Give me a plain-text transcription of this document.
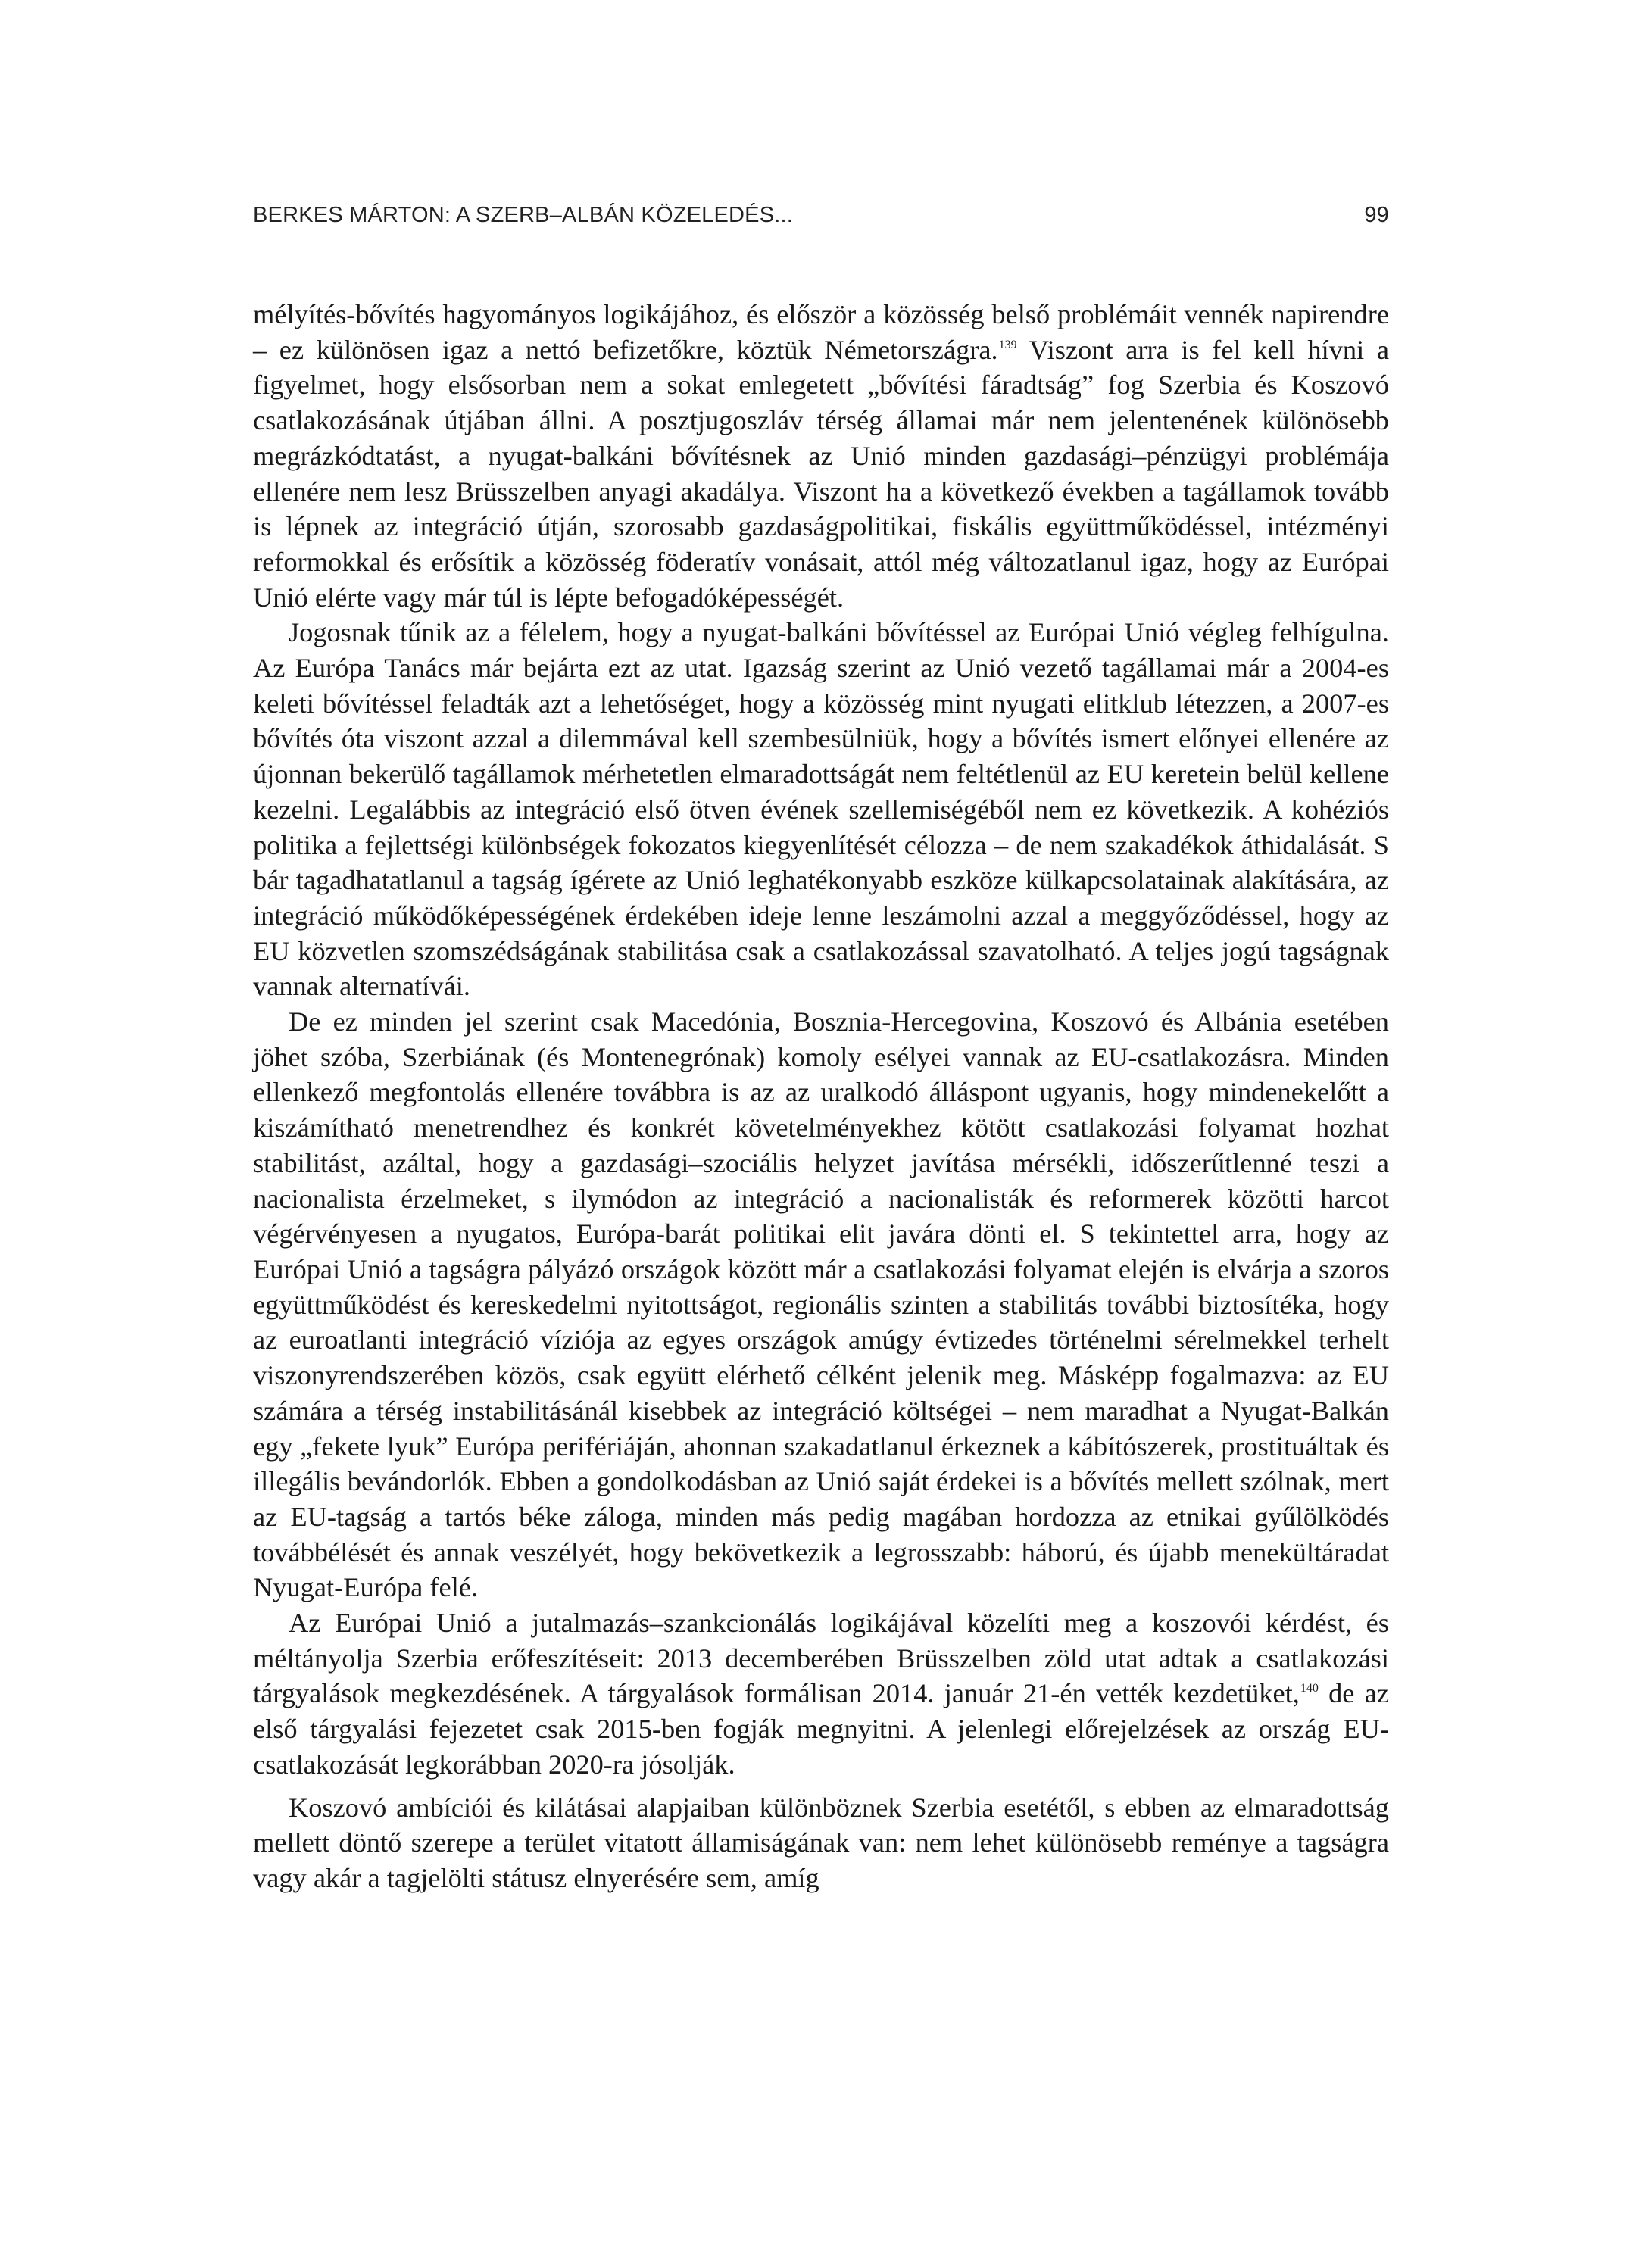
BERKES MÁRTON: A SZERB–ALBÁN KÖZELEDÉS...	99

mélyítés-bővítés hagyományos logikájához, és először a közösség belső problémáit vennék napirendre – ez különösen igaz a nettó befizetőkre, köztük Németországra.$^{139}$ Viszont arra is fel kell hívni a figyelmet, hogy elsősorban nem a sokat emlegetett „bővítési fáradtság” fog Szerbia és Koszovó csatlakozásának útjában állni. A posztjugoszláv térség államai már nem jelentenének különösebb megrázkódtatást, a nyugat-balkáni bővítésnek az Unió minden gazdasági–pénzügyi problémája ellenére nem lesz Brüsszelben anyagi akadálya. Viszont ha a következő években a tagállamok tovább is lépnek az integráció útján, szorosabb gazdaságpolitikai, fiskális együttműködéssel, intézményi reformokkal és erősítik a közösség föderatív vonásait, attól még változatlanul igaz, hogy az Európai Unió elérte vagy már túl is lépte befogadóképességét.

Jogosnak tűnik az a félelem, hogy a nyugat-balkáni bővítéssel az Európai Unió végleg felhígulna. Az Európa Tanács már bejárta ezt az utat. Igazság szerint az Unió vezető tagállamai már a 2004-es keleti bővítéssel feladták azt a lehetőséget, hogy a közösség mint nyugati elitklub létezzen, a 2007-es bővítés óta viszont azzal a dilemmával kell szembesülniük, hogy a bővítés ismert előnyei ellenére az újonnan bekerülő tagállamok mérhetetlen elmaradottságát nem feltétlenül az EU keretein belül kellene kezelni. Legalábbis az integráció első ötven évének szellemiségéből nem ez következik. A kohéziós politika a fejlettségi különbségek fokozatos kiegyenlítését célozza – de nem szakadékok áthidalását. S bár tagadhatatlanul a tagság ígérete az Unió leghatékonyabb eszköze külkapcsolatainak alakítására, az integráció működőképességének érdekében ideje lenne leszámolni azzal a meggyőződéssel, hogy az EU közvetlen szomszédságának stabilitása csak a csatlakozással szavatolható. A teljes jogú tagságnak vannak alternatívái.

De ez minden jel szerint csak Macedónia, Bosznia-Hercegovina, Koszovó és Albánia esetében jöhet szóba, Szerbiának (és Montenegrónak) komoly esélyei vannak az EU-csatlakozásra. Minden ellenkező megfontolás ellenére továbbra is az az uralkodó álláspont ugyanis, hogy mindenekelőtt a kiszámítható menetrendhez és konkrét követelményekhez kötött csatlakozási folyamat hozhat stabilitást, azáltal, hogy a gazdasági–szociális helyzet javítása mérsékli, időszerűtlenné teszi a nacionalista érzelmeket, s ilymódon az integráció a nacionalisták és reformerek közötti harcot végérvényesen a nyugatos, Európa-barát politikai elit javára dönti el. S tekintettel arra, hogy az Európai Unió a tagságra pályázó országok között már a csatlakozási folyamat elején is elvárja a szoros együttműködést és kereskedelmi nyitottságot, regionális szinten a stabilitás további biztosítéka, hogy az euroatlanti integráció víziója az egyes országok amúgy évtizedes történelmi sérelmekkel terhelt viszonyrendszerében közös, csak együtt elérhető célként jelenik meg. Másképp fogalmazva: az EU számára a térség instabilitásánál kisebbek az integráció költségei – nem maradhat a Nyugat-Balkán egy „fekete lyuk” Európa perifériáján, ahonnan szakadatlanul érkeznek a kábítószerek, prostituáltak és illegális bevándorlók. Ebben a gondolkodásban az Unió saját érdekei is a bővítés mellett szólnak, mert az EU-tagság a tartós béke záloga, minden más pedig magában hordozza az etnikai gyűlölködés továbbélését és annak veszélyét, hogy bekövetkezik a legrosszabb: háború, és újabb menekültáradat Nyugat-Európa felé.

Az Európai Unió a jutalmazás–szankcionálás logikájával közelíti meg a koszovói kérdést, és méltányolja Szerbia erőfeszítéseit: 2013 decemberében Brüsszelben zöld utat adtak a csatlakozási tárgyalások megkezdésének. A tárgyalások formálisan 2014. január 21-én vették kezdetüket,$^{140}$ de az első tárgyalási fejezetet csak 2015-ben fogják megnyitni. A jelenlegi előrejelzések az ország EU-csatlakozását legkorábban 2020-ra jósolják.

Koszovó ambíciói és kilátásai alapjaiban különböznek Szerbia esetétől, s ebben az elmaradottság mellett döntő szerepe a terület vitatott államiságának van: nem lehet különösebb reménye a tagságra vagy akár a tagjelölti státusz elnyerésére sem, amíg
